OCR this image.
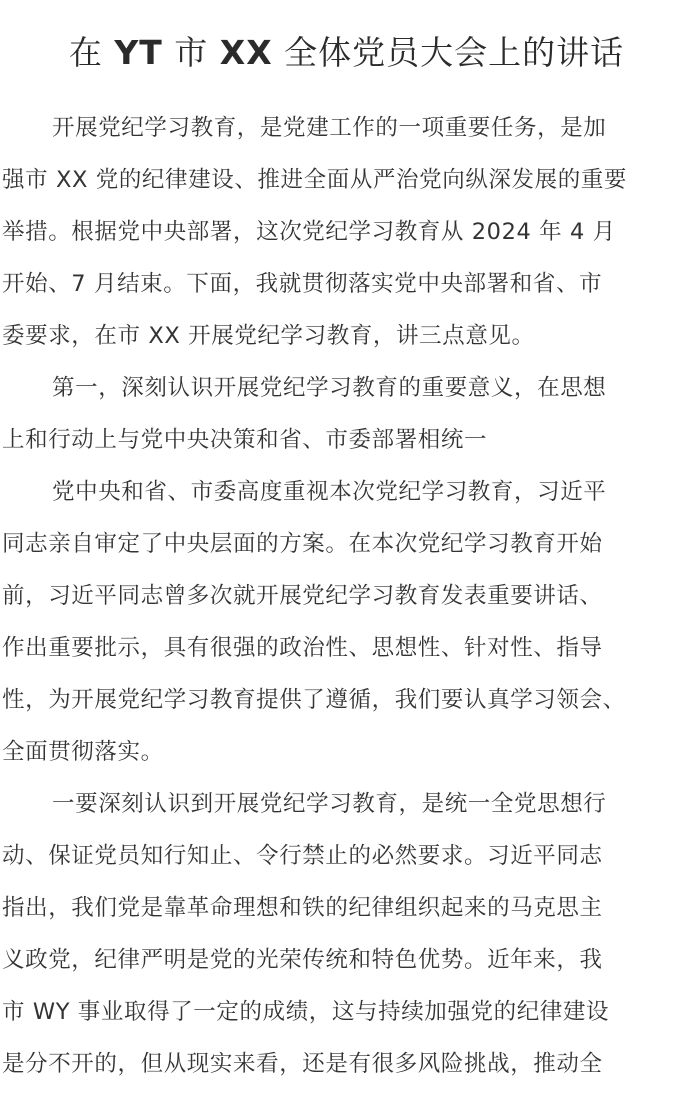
在 YT 市 XX 全体党员大会上的讲话
开展党纪学习教育，是党建工作的一项重要任务，是加
强市 XX 党的纪律建设、推进全面从严治党向纵深发展的重要
举措。根据党中央部署，这次党纪学习教育从 2024 年 4 月
开始、7 月结束。下面，我就贯彻落实党中央部署和省、市
委要求，在市 XX 开展党纪学习教育，讲三点意见。
第一，深刻认识开展党纪学习教育的重要意义，在思想
上和行动上与党中央决策和省、市委部署相统一
党中央和省、市委高度重视本次党纪学习教育，习近平
同志亲自审定了中央层面的方案。在本次党纪学习教育开始
前，习近平同志曾多次就开展党纪学习教育发表重要讲话、
作出重要批示，具有很强的政治性、思想性、针对性、指导
性，为开展党纪学习教育提供了遵循，我们要认真学习领会、
全面贯彻落实。
一要深刻认识到开展党纪学习教育，是统一全党思想行
动、保证党员知行知止、令行禁止的必然要求。习近平同志
指出，我们党是靠革命理想和铁的纪律组织起来的马克思主
义政党，纪律严明是党的光荣传统和特色优势。近年来，我
市 WY 事业取得了一定的成绩，这与持续加强党的纪律建设
是分不开的，但从现实来看，还是有很多风险挑战，推动全
